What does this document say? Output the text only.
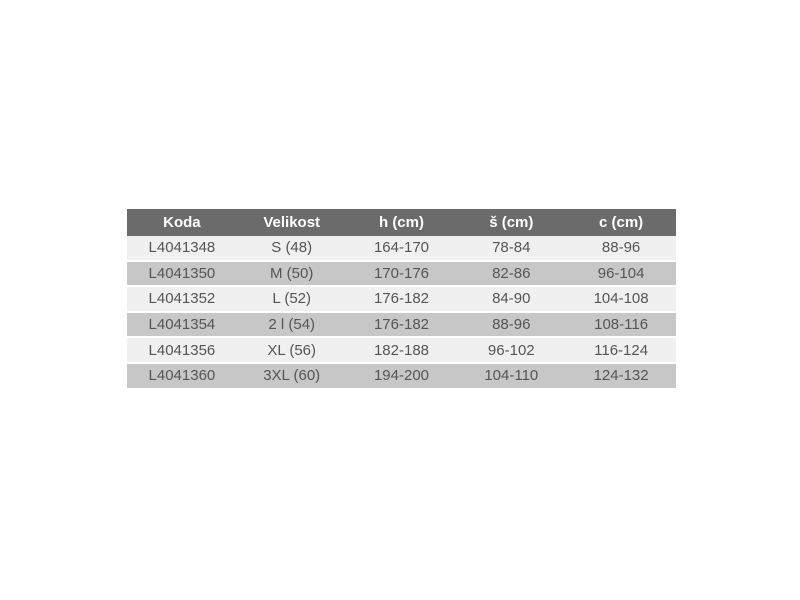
Koda	Velikost	h (cm)	š (cm)	c (cm)
L4041348	S (48)	164-170	78-84	88-96
L4041350	M (50)	170-176	82-86	96-104
L4041352	L (52)	176-182	84-90	104-108
L4041354	2 l (54)	176-182	88-96	108-116
L4041356	XL (56)	182-188	96-102	116-124
L4041360	3XL (60)	194-200	104-110	124-132
